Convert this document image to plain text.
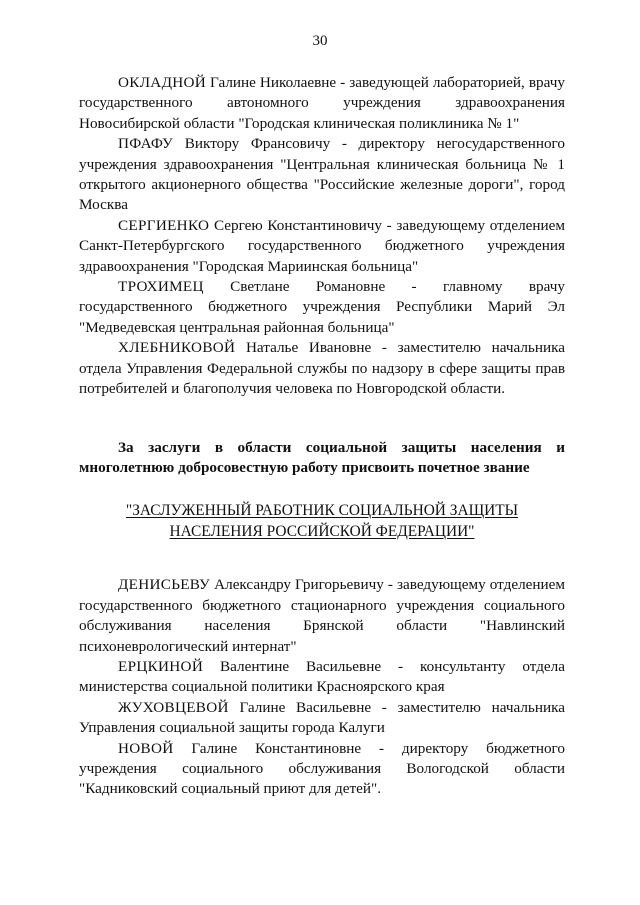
30

ОКЛАДНОЙ Галине Николаевне - заведующей лабораторией, врачу государственного автономного учреждения здравоохранения Новосибирской области "Городская клиническая поликлиника № 1"

ПФАФУ Виктору Франсовичу - директору негосударственного учреждения здравоохранения "Центральная клиническая больница № 1 открытого акционерного общества "Российские железные дороги", город Москва

СЕРГИЕНКО Сергею Константиновичу - заведующему отделением Санкт-Петербургского государственного бюджетного учреждения здравоохранения "Городская Мариинская больница"

ТРОХИМЕЦ Светлане Романовне - главному врачу государственного бюджетного учреждения Республики Марий Эл "Медведевская центральная районная больница"

ХЛЕБНИКОВОЙ Наталье Ивановне - заместителю начальника отдела Управления Федеральной службы по надзору в сфере защиты прав потребителей и благополучия человека по Новгородской области.

За заслуги в области социальной защиты населения и многолетнюю добросовестную работу присвоить почетное звание

"ЗАСЛУЖЕННЫЙ РАБОТНИК СОЦИАЛЬНОЙ ЗАЩИТЫ
НАСЕЛЕНИЯ РОССИЙСКОЙ ФЕДЕРАЦИИ"

ДЕНИСЬЕВУ Александру Григорьевичу - заведующему отделением государственного бюджетного стационарного учреждения социального обслуживания населения Брянской области "Навлинский психоневрологический интернат"

ЕРЦКИНОЙ Валентине Васильевне - консультанту отдела министерства социальной политики Красноярского края

ЖУХОВЦЕВОЙ Галине Васильевне - заместителю начальника Управления социальной защиты города Калуги

НОВОЙ Галине Константиновне - директору бюджетного учреждения социального обслуживания Вологодской области "Кадниковский социальный приют для детей".
